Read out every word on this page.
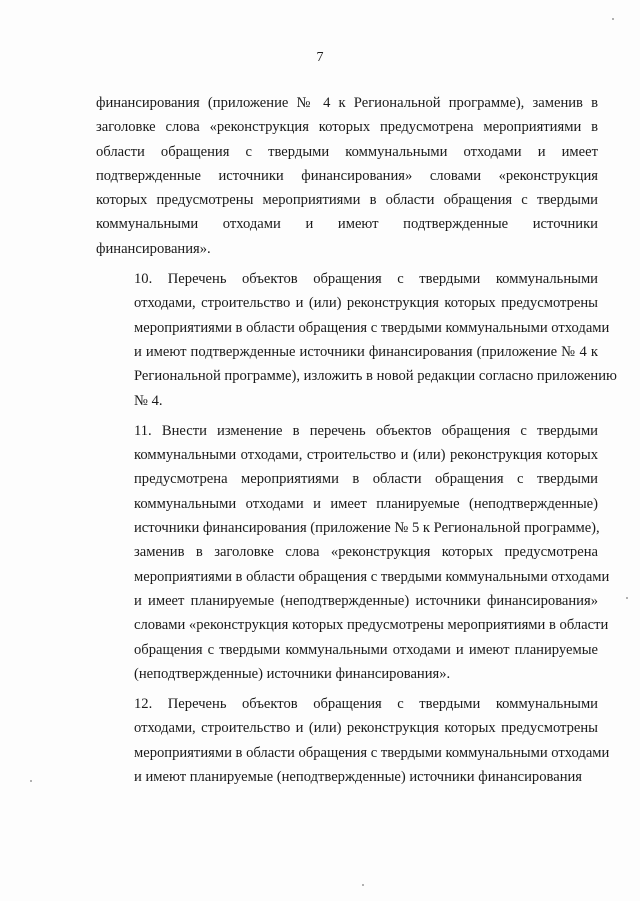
7
финансирования (приложение № 4 к Региональной программе), заменив в
заголовке слова «реконструкция которых предусмотрена мероприятиями в
области обращения с твердыми коммунальными отходами и имеет
подтвержденные источники финансирования» словами «реконструкция
которых предусмотрены мероприятиями в области обращения с твердыми
коммунальными отходами и имеют подтвержденные источники
финансирования».
10. Перечень объектов обращения с твердыми коммунальными
отходами, строительство и (или) реконструкция которых предусмотрены
мероприятиями в области обращения с твердыми коммунальными отходами
и имеют подтвержденные источники финансирования (приложение № 4 к
Региональной программе), изложить в новой редакции согласно приложению
№ 4.
11. Внести изменение в перечень объектов обращения с твердыми
коммунальными отходами, строительство и (или) реконструкция которых
предусмотрена мероприятиями в области обращения с твердыми
коммунальными отходами и имеет планируемые (неподтвержденные)
источники финансирования (приложение № 5 к Региональной программе),
заменив в заголовке слова «реконструкция которых предусмотрена
мероприятиями в области обращения с твердыми коммунальными отходами
и имеет планируемые (неподтвержденные) источники финансирования»
словами «реконструкция которых предусмотрены мероприятиями в области
обращения с твердыми коммунальными отходами и имеют планируемые
(неподтвержденные) источники финансирования».
12. Перечень объектов обращения с твердыми коммунальными
отходами, строительство и (или) реконструкция которых предусмотрены
мероприятиями в области обращения с твердыми коммунальными отходами
и имеют планируемые (неподтвержденные) источники финансирования
